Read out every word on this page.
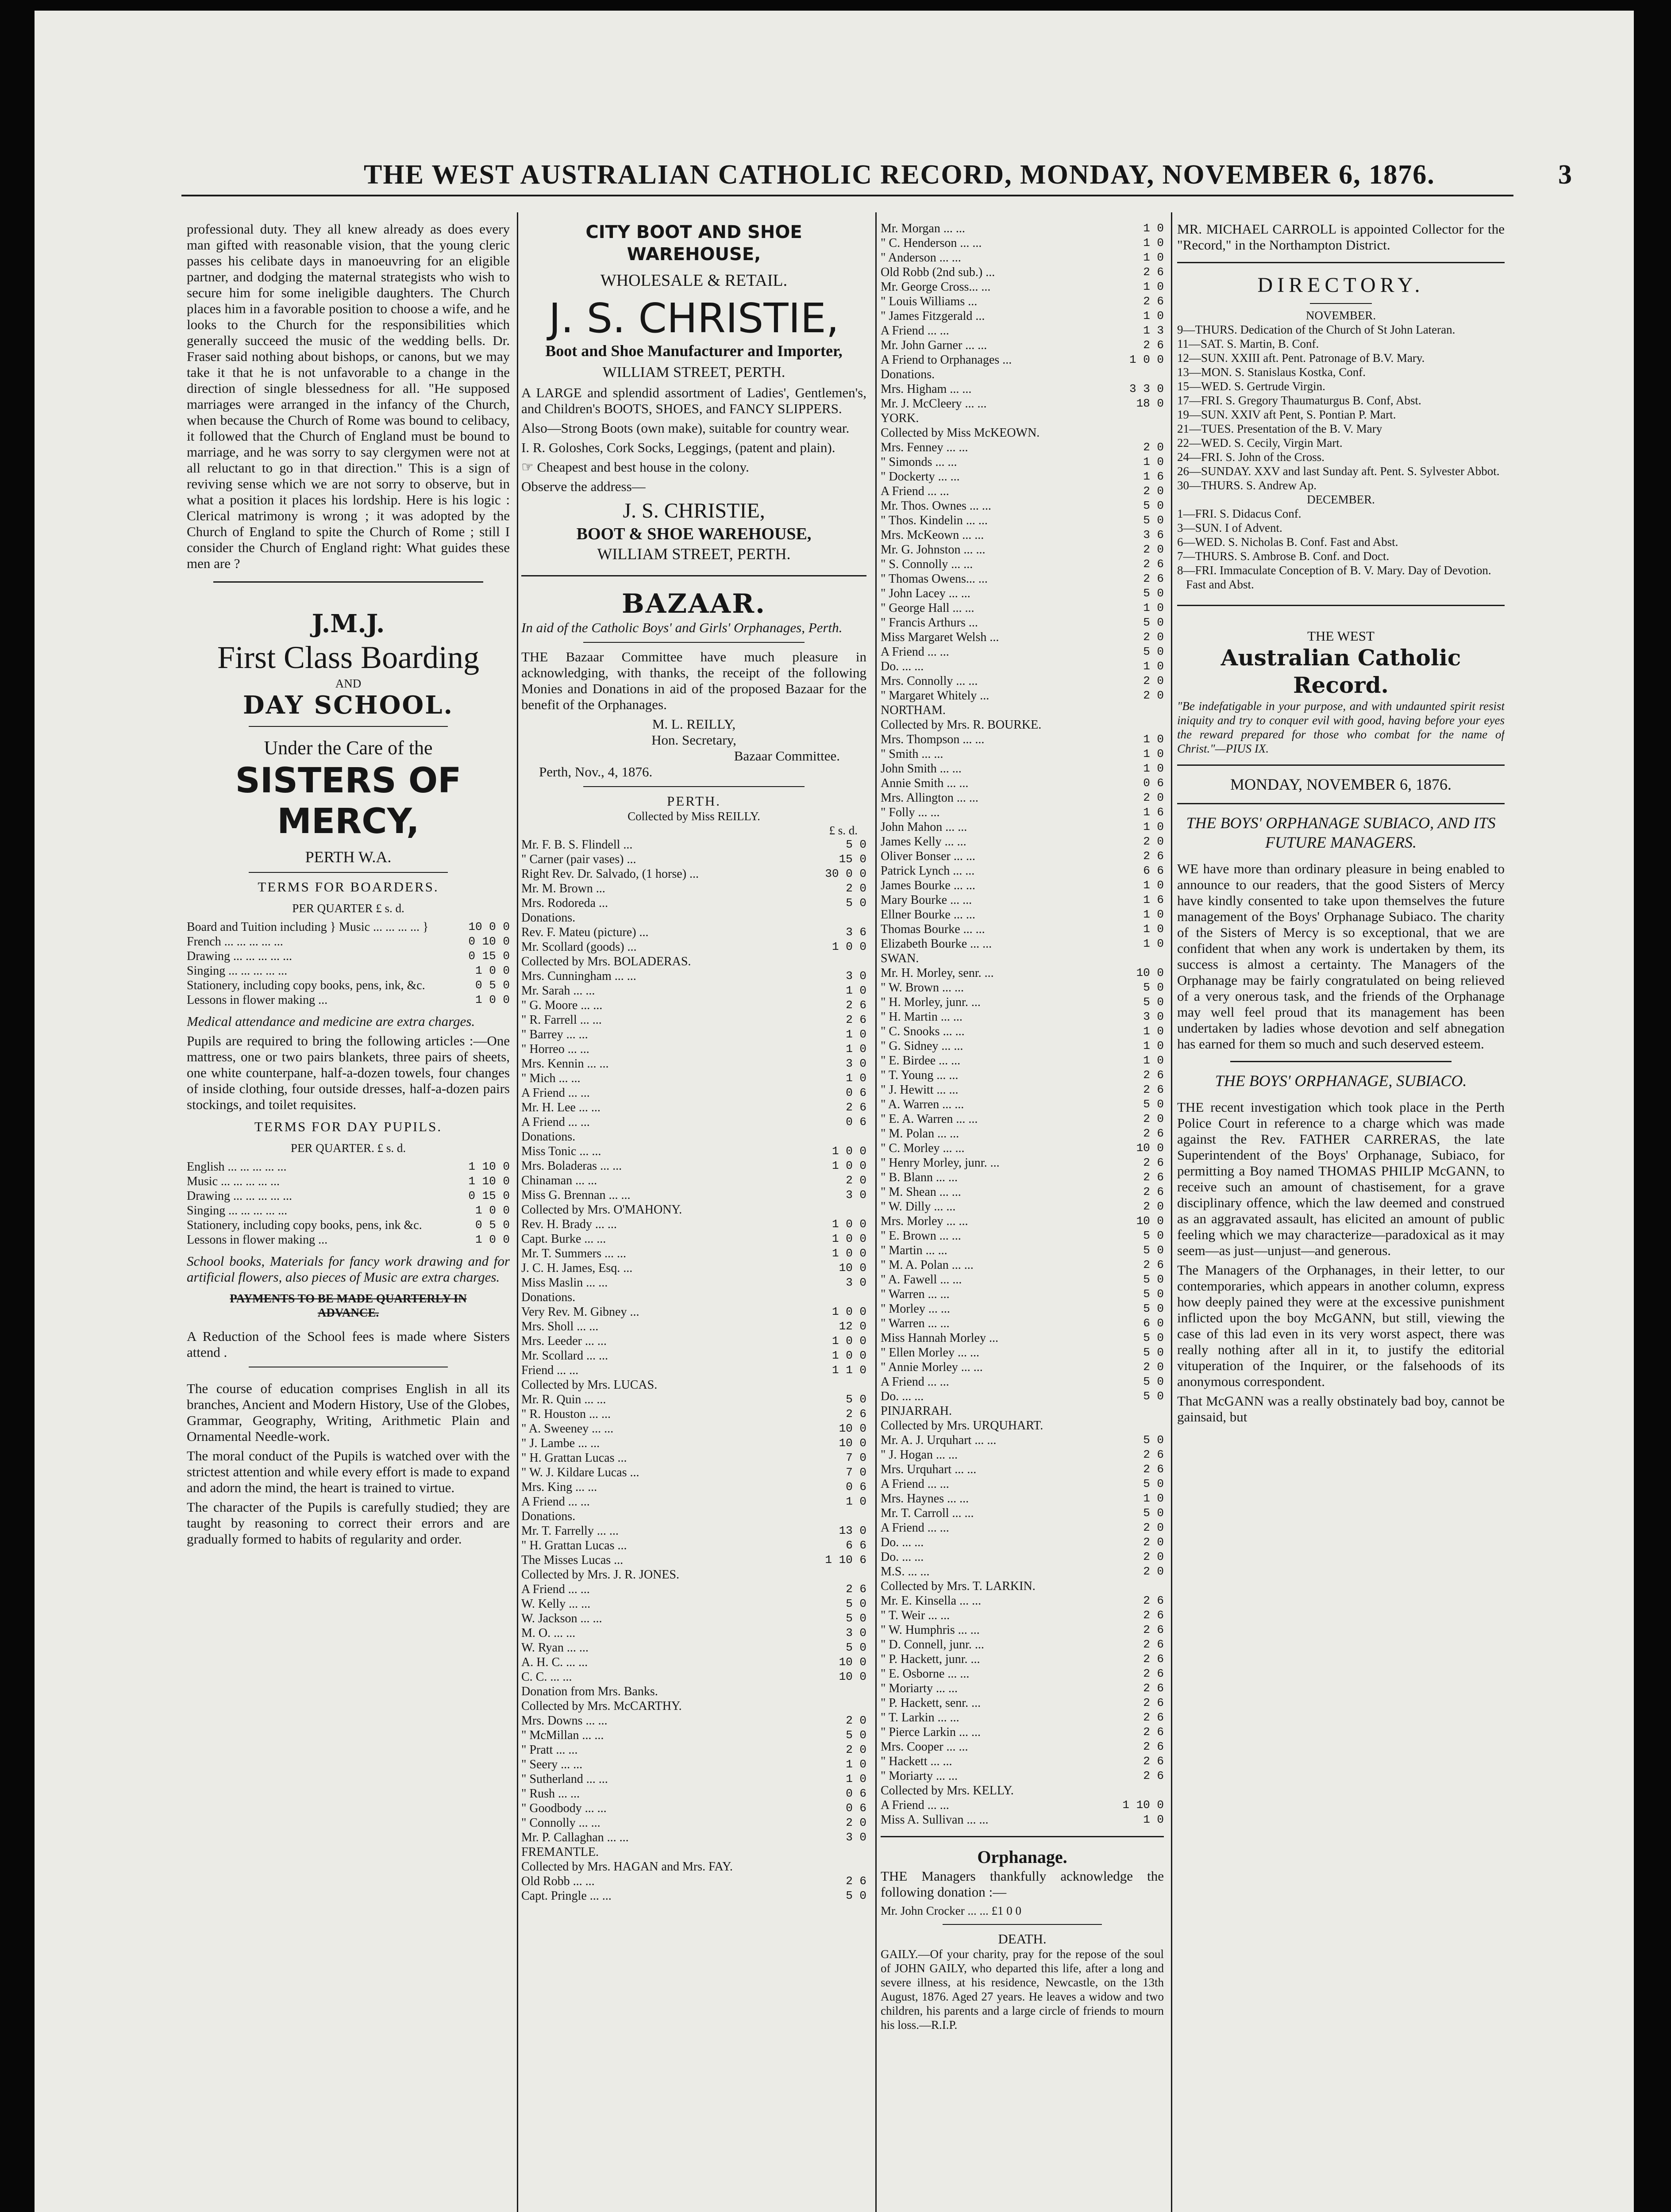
THE WEST AUSTRALIAN CATHOLIC RECORD, MONDAY, NOVEMBER 6, 1876.	3

professional duty. They all knew already as does every man gifted with reasonable vision, that the young cleric passes his celibate days in manoeuvring for an eligible partner, and dodging the maternal strategists who wish to secure him for some ineligible daughters. The Church places him in a favorable position to choose a wife, and he looks to the Church for the responsibilities which generally succeed the music of the wedding bells. Dr. Fraser said nothing about bishops, or canons, but we may take it that he is not unfavorable to a change in the direction of single blessedness for all. "He supposed marriages were arranged in the infancy of the Church, when because the Church of Rome was bound to celibacy, it followed that the Church of England must be bound to marriage, and he was sorry to say clergymen were not at all reluctant to go in that direction." This is a sign of reviving sense which we are not sorry to observe, but in what a position it places his lordship. Here is his logic : Clerical matrimony is wrong ; it was adopted by the Church of England to spite the Church of Rome ; still I consider the Church of England right: What guides these men are ?

J.M.J.
First Class Boarding
AND
DAY SCHOOL.
Under the Care of the
SISTERS OF MERCY,
PERTH W.A.
TERMS FOR BOARDERS.
PER QUARTER £ s. d.
Board and Tuition including } Music ... ... ... ... }	10 0 0
French ... ... ... ... ...	0 10 0
Drawing ... ... ... ... ...	0 15 0
Singing ... ... ... ... ...	1 0 0
Stationery, including copy books, pens, ink, &c.	0 5 0
Lessons in flower making ...	1 0 0

Medical attendance and medicine are extra charges.

Pupils are required to bring the following articles :—One mattress, one or two pairs blankets, three pairs of sheets, one white counterpane, half-a-dozen towels, four changes of inside clothing, four outside dresses, half-a-dozen pairs stockings, and toilet requisites.

TERMS FOR DAY PUPILS.
PER QUARTER. £ s. d.
English ... ... ... ... ...	1 10 0
Music ... ... ... ... ...	1 10 0
Drawing ... ... ... ... ...	0 15 0
Singing ... ... ... ... ...	1 0 0
Stationery, including copy books, pens, ink &c.	0 5 0
Lessons in flower making ...	1 0 0

School books, Materials for fancy work drawing and for artificial flowers, also pieces of Music are extra charges.

PAYMENTS TO BE MADE QUARTERLY IN ADVANCE.

A Reduction of the School fees is made where Sisters attend .

The course of education comprises English in all its branches, Ancient and Modern History, Use of the Globes, Grammar, Geography, Writing, Arithmetic Plain and Ornamental Needle-work.

The moral conduct of the Pupils is watched over with the strictest attention and while every effort is made to expand and adorn the mind, the heart is trained to virtue.

The character of the Pupils is carefully studied; they are taught by reasoning to correct their errors and are gradually formed to habits of regularity and order.

CITY BOOT AND SHOE WAREHOUSE,
WHOLESALE & RETAIL.
J. S. CHRISTIE,
Boot and Shoe Manufacturer and Importer,
WILLIAM STREET, PERTH.

A LARGE and splendid assortment of Ladies', Gentlemen's, and Children's BOOTS, SHOES, and FANCY SLIPPERS.

Also—Strong Boots (own make), suitable for country wear.

I. R. Goloshes, Cork Socks, Leggings, (patent and plain).

☞ Cheapest and best house in the colony.

Observe the address—

J. S. CHRISTIE,
BOOT & SHOE WAREHOUSE,
WILLIAM STREET, PERTH.
BAZAAR.

In aid of the Catholic Boys' and Girls' Orphanages, Perth.

THE Bazaar Committee have much pleasure in acknowledging, with thanks, the receipt of the following Monies and Donations in aid of the proposed Bazaar for the benefit of the Orphanages.

M. L. REILLY,
Hon. Secretary,
Bazaar Committee.
Perth, Nov., 4, 1876.
PERTH.
Collected by Miss REILLY.
£ s. d.
Mr. F. B. S. Flindell ...	5 0
" Carner (pair vases) ...	15 0
Right Rev. Dr. Salvado, (1 horse) ...	30 0 0
Mr. M. Brown ...	2 0
Mrs. Rodoreda ...	5 0
Donations.
Rev. F. Mateu (picture) ...	3 6
Mr. Scollard (goods) ...	1 0 0
Collected by Mrs. BOLADERAS.
Mrs. Cunningham ... ...	3 0
Mr. Sarah ... ...	1 0
" G. Moore ... ...	2 6
" R. Farrell ... ...	2 6
" Barrey ... ...	1 0
" Horreo ... ...	1 0
Mrs. Kennin ... ...	3 0
" Mich ... ...	1 0
A Friend ... ...	0 6
Mr. H. Lee ... ...	2 6
A Friend ... ...	0 6
Donations.
Miss Tonic ... ...	1 0 0
Mrs. Boladeras ... ...	1 0 0
Chinaman ... ...	2 0
Miss G. Brennan ... ...	3 0
Collected by Mrs. O'MAHONY.
Rev. H. Brady ... ...	1 0 0
Capt. Burke ... ...	1 0 0
Mr. T. Summers ... ...	1 0 0
J. C. H. James, Esq. ...	10 0
Miss Maslin ... ...	3 0
Donations.
Very Rev. M. Gibney ...	1 0 0
Mrs. Sholl ... ...	12 0
Mrs. Leeder ... ...	1 0 0
Mr. Scollard ... ...	1 0 0
Friend ... ...	1 1 0
Collected by Mrs. LUCAS.
Mr. R. Quin ... ...	5 0
" R. Houston ... ...	2 6
" A. Sweeney ... ...	10 0
" J. Lambe ... ...	10 0
" H. Grattan Lucas ...	7 0
" W. J. Kildare Lucas ...	7 0
Mrs. King ... ...	0 6
A Friend ... ...	1 0
Donations.
Mr. T. Farrelly ... ...	13 0
" H. Grattan Lucas ...	6 6
The Misses Lucas ...	1 10 6
Collected by Mrs. J. R. JONES.
A Friend ... ...	2 6
W. Kelly ... ...	5 0
W. Jackson ... ...	5 0
M. O. ... ...	3 0
W. Ryan ... ...	5 0
A. H. C. ... ...	10 0
C. C. ... ...	10 0
Donation from Mrs. Banks.
Collected by Mrs. McCARTHY.
Mrs. Downs ... ...	2 0
" McMillan ... ...	5 0
" Pratt ... ...	2 0
" Seery ... ...	1 0
" Sutherland ... ...	1 0
" Rush ... ...	0 6
" Goodbody ... ...	0 6
" Connolly ... ...	2 0
Mr. P. Callaghan ... ...	3 0
FREMANTLE.
Collected by Mrs. HAGAN and Mrs. FAY.
Old Robb ... ...	2 6
Capt. Pringle ... ...	5 0
Mr. Morgan ... ...	1 0
" C. Henderson ... ...	1 0
" Anderson ... ...	1 0
Old Robb (2nd sub.) ...	2 6
Mr. George Cross... ...	1 0
" Louis Williams ...	2 6
" James Fitzgerald ...	1 0
A Friend ... ...	1 3
Mr. John Garner ... ...	2 6
A Friend to Orphanages ...	1 0 0
Donations.
Mrs. Higham ... ...	3 3 0
Mr. J. McCleery ... ...	18 0
YORK.
Collected by Miss McKEOWN.
Mrs. Fenney ... ...	2 0
" Simonds ... ...	1 0
" Dockerty ... ...	1 6
A Friend ... ...	2 0
Mr. Thos. Ownes ... ...	5 0
" Thos. Kindelin ... ...	5 0
Mrs. McKeown ... ...	3 6
Mr. G. Johnston ... ...	2 0
" S. Connolly ... ...	2 6
" Thomas Owens... ...	2 6
" John Lacey ... ...	5 0
" George Hall ... ...	1 0
" Francis Arthurs ...	5 0
Miss Margaret Welsh ...	2 0
A Friend ... ...	5 0
Do. ... ...	1 0
Mrs. Connolly ... ...	2 0
" Margaret Whitely ...	2 0
NORTHAM.
Collected by Mrs. R. BOURKE.
Mrs. Thompson ... ...	1 0
" Smith ... ...	1 0
John Smith ... ...	1 0
Annie Smith ... ...	0 6
Mrs. Allington ... ...	2 0
" Folly ... ...	1 6
John Mahon ... ...	1 0
James Kelly ... ...	2 0
Oliver Bonser ... ...	2 6
Patrick Lynch ... ...	6 6
James Bourke ... ...	1 0
Mary Bourke ... ...	1 6
Ellner Bourke ... ...	1 0
Thomas Bourke ... ...	1 0
Elizabeth Bourke ... ...	1 0
SWAN.
Mr. H. Morley, senr. ...	10 0
" W. Brown ... ...	5 0
" H. Morley, junr. ...	5 0
" H. Martin ... ...	3 0
" C. Snooks ... ...	1 0
" G. Sidney ... ...	1 0
" E. Birdee ... ...	1 0
" T. Young ... ...	2 6
" J. Hewitt ... ...	2 6
" A. Warren ... ...	5 0
" E. A. Warren ... ...	2 0
" M. Polan ... ...	2 6
" C. Morley ... ...	10 0
" Henry Morley, junr. ...	2 6
" B. Blann ... ...	2 6
" M. Shean ... ...	2 6
" W. Dilly ... ...	2 0
Mrs. Morley ... ...	10 0
" E. Brown ... ...	5 0
" Martin ... ...	5 0
" M. A. Polan ... ...	2 6
" A. Fawell ... ...	5 0
" Warren ... ...	5 0
" Morley ... ...	5 0
" Warren ... ...	6 0
Miss Hannah Morley ...	5 0
" Ellen Morley ... ...	5 0
" Annie Morley ... ...	2 0
A Friend ... ...	5 0
Do. ... ...	5 0
PINJARRAH.
Collected by Mrs. URQUHART.
Mr. A. J. Urquhart ... ...	5 0
" J. Hogan ... ...	2 6
Mrs. Urquhart ... ...	2 6
A Friend ... ...	5 0
Mrs. Haynes ... ...	1 0
Mr. T. Carroll ... ...	5 0
A Friend ... ...	2 0
Do. ... ...	2 0
Do. ... ...	2 0
M.S. ... ...	2 0
Collected by Mrs. T. LARKIN.
Mr. E. Kinsella ... ...	2 6
" T. Weir ... ...	2 6
" W. Humphris ... ...	2 6
" D. Connell, junr. ...	2 6
" P. Hackett, junr. ...	2 6
" E. Osborne ... ...	2 6
" Moriarty ... ...	2 6
" P. Hackett, senr. ...	2 6
" T. Larkin ... ...	2 6
" Pierce Larkin ... ...	2 6
Mrs. Cooper ... ...	2 6
" Hackett ... ...	2 6
" Moriarty ... ...	2 6
Collected by Mrs. KELLY.
A Friend ... ...	1 10 0
Miss A. Sullivan ... ...	1 0
Orphanage.

THE Managers thankfully acknowledge the following donation :—

Mr. John Crocker ... ... £1 0 0
DEATH.

GAILY.—Of your charity, pray for the repose of the soul of JOHN GAILY, who departed this life, after a long and severe illness, at his residence, Newcastle, on the 13th August, 1876. Aged 27 years. He leaves a widow and two children, his parents and a large circle of friends to mourn his loss.—R.I.P.

MR. MICHAEL CARROLL is appointed Collector for the "Record," in the Northampton District.

DIRECTORY.
NOVEMBER.
9—THURS. Dedication of the Church of St John Lateran.
11—SAT. S. Martin, B. Conf.
12—SUN. XXIII aft. Pent. Patronage of B.V. Mary.
13—MON. S. Stanislaus Kostka, Conf.
15—WED. S. Gertrude Virgin.
17—FRI. S. Gregory Thaumaturgus B. Conf, Abst.
19—SUN. XXIV aft Pent, S. Pontian P. Mart.
21—TUES. Presentation of the B. V. Mary
22—WED. S. Cecily, Virgin Mart.
24—FRI. S. John of the Cross.
26—SUNDAY. XXV and last Sunday aft. Pent. S. Sylvester Abbot.
30—THURS. S. Andrew Ap.
DECEMBER.
1—FRI. S. Didacus Conf.
3—SUN. I of Advent.
6—WED. S. Nicholas B. Conf. Fast and Abst.
7—THURS. S. Ambrose B. Conf. and Doct.
8—FRI. Immaculate Conception of B. V. Mary. Day of Devotion. Fast and Abst.
THE WEST
Australian Catholic Record.

"Be indefatigable in your purpose, and with undaunted spirit resist iniquity and try to conquer evil with good, having before your eyes the reward prepared for those who combat for the name of Christ."—PIUS IX.

MONDAY, NOVEMBER 6, 1876.
THE BOYS' ORPHANAGE SUBIACO, AND ITS FUTURE MANAGERS.

WE have more than ordinary pleasure in being enabled to announce to our readers, that the good Sisters of Mercy have kindly consented to take upon themselves the future management of the Boys' Orphanage Subiaco. The charity of the Sisters of Mercy is so exceptional, that we are confident that when any work is undertaken by them, its success is almost a certainty. The Managers of the Orphanage may be fairly congratulated on being relieved of a very onerous task, and the friends of the Orphanage may well feel proud that its management has been undertaken by ladies whose devotion and self abnegation has earned for them so much and such deserved esteem.

THE BOYS' ORPHANAGE, SUBIACO.

THE recent investigation which took place in the Perth Police Court in reference to a charge which was made against the Rev. FATHER CARRERAS, the late Superintendent of the Boys' Orphanage, Subiaco, for permitting a Boy named THOMAS PHILIP McGANN, to receive such an amount of chastisement, for a grave disciplinary offence, which the law deemed and construed as an aggravated assault, has elicited an amount of public feeling which we may characterize—paradoxical as it may seem—as just—unjust—and generous.

The Managers of the Orphanages, in their letter, to our contemporaries, which appears in another column, express how deeply pained they were at the excessive punishment inflicted upon the boy McGANN, but still, viewing the case of this lad even in its very worst aspect, there was really nothing after all in it, to justify the editorial vituperation of the Inquirer, or the falsehoods of its anonymous correspondent.

That McGANN was a really obstinately bad boy, cannot be gainsaid, but
